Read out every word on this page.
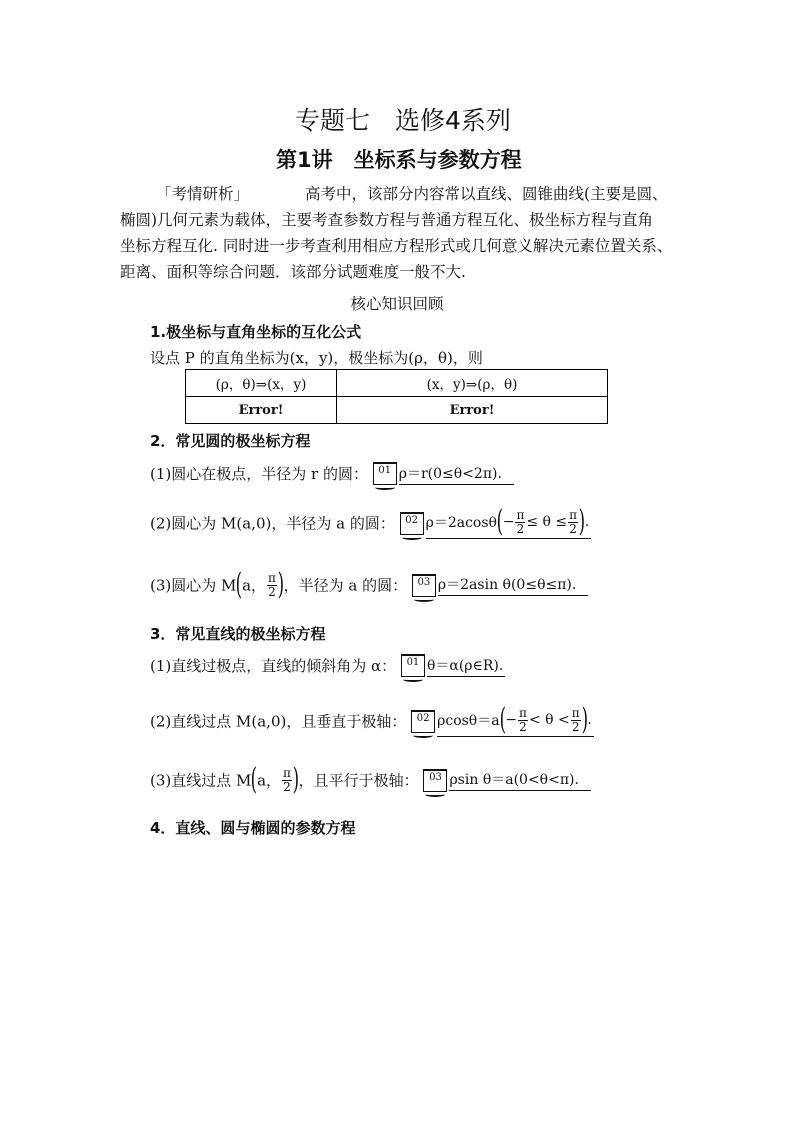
专题七　选修4系列
第1讲　坐标系与参数方程
「考情研析」	高考中，该部分内容常以直线、圆锥曲线(主要是圆、
椭圆)几何元素为载体，主要考查参数方程与普通方程互化、极坐标方程与直角
坐标方程互化. 同时进一步考查利用相应方程形式或几何意义解决元素位置关系、
距离、面积等综合问题．该部分试题难度一般不大.
核心知识回顾
1.极坐标与直角坐标的互化公式
设点 P 的直角坐标为(x，y)，极坐标为(ρ，θ)，则
(ρ，θ)⇒(x，y)	(x，y)⇒(ρ，θ)
Error!	Error!
2．常见圆的极坐标方程
(1)圆心在极点，半径为 r 的圆： 01 ρ＝r(0≤θ<2π)．
(2)圆心为 M(a,0)，半径为 a 的圆： 02 $\rho=2acos\theta(- \frac{\pi}{2} \le \theta \le \frac{\pi}{2}$ ).
(3)圆心为 M(a， $\frac{\pi}{2}$ )，半径为 a 的圆： 03 ρ＝2asin θ(0≤θ≤π)．
3．常见直线的极坐标方程
(1)直线过极点，直线的倾斜角为 α： 01 θ＝α(ρ∈R).
(2)直线过点 M(a,0)，且垂直于极轴： 02 $\rho\cos\theta=a(- \frac{\pi}{2} < \theta < \frac{\pi}{2}$ ).
(3)直线过点 M(a， $\frac{\pi}{2}$ )，且平行于极轴： 03 ρsin θ＝a(0<θ<π)．
4．直线、圆与椭圆的参数方程
